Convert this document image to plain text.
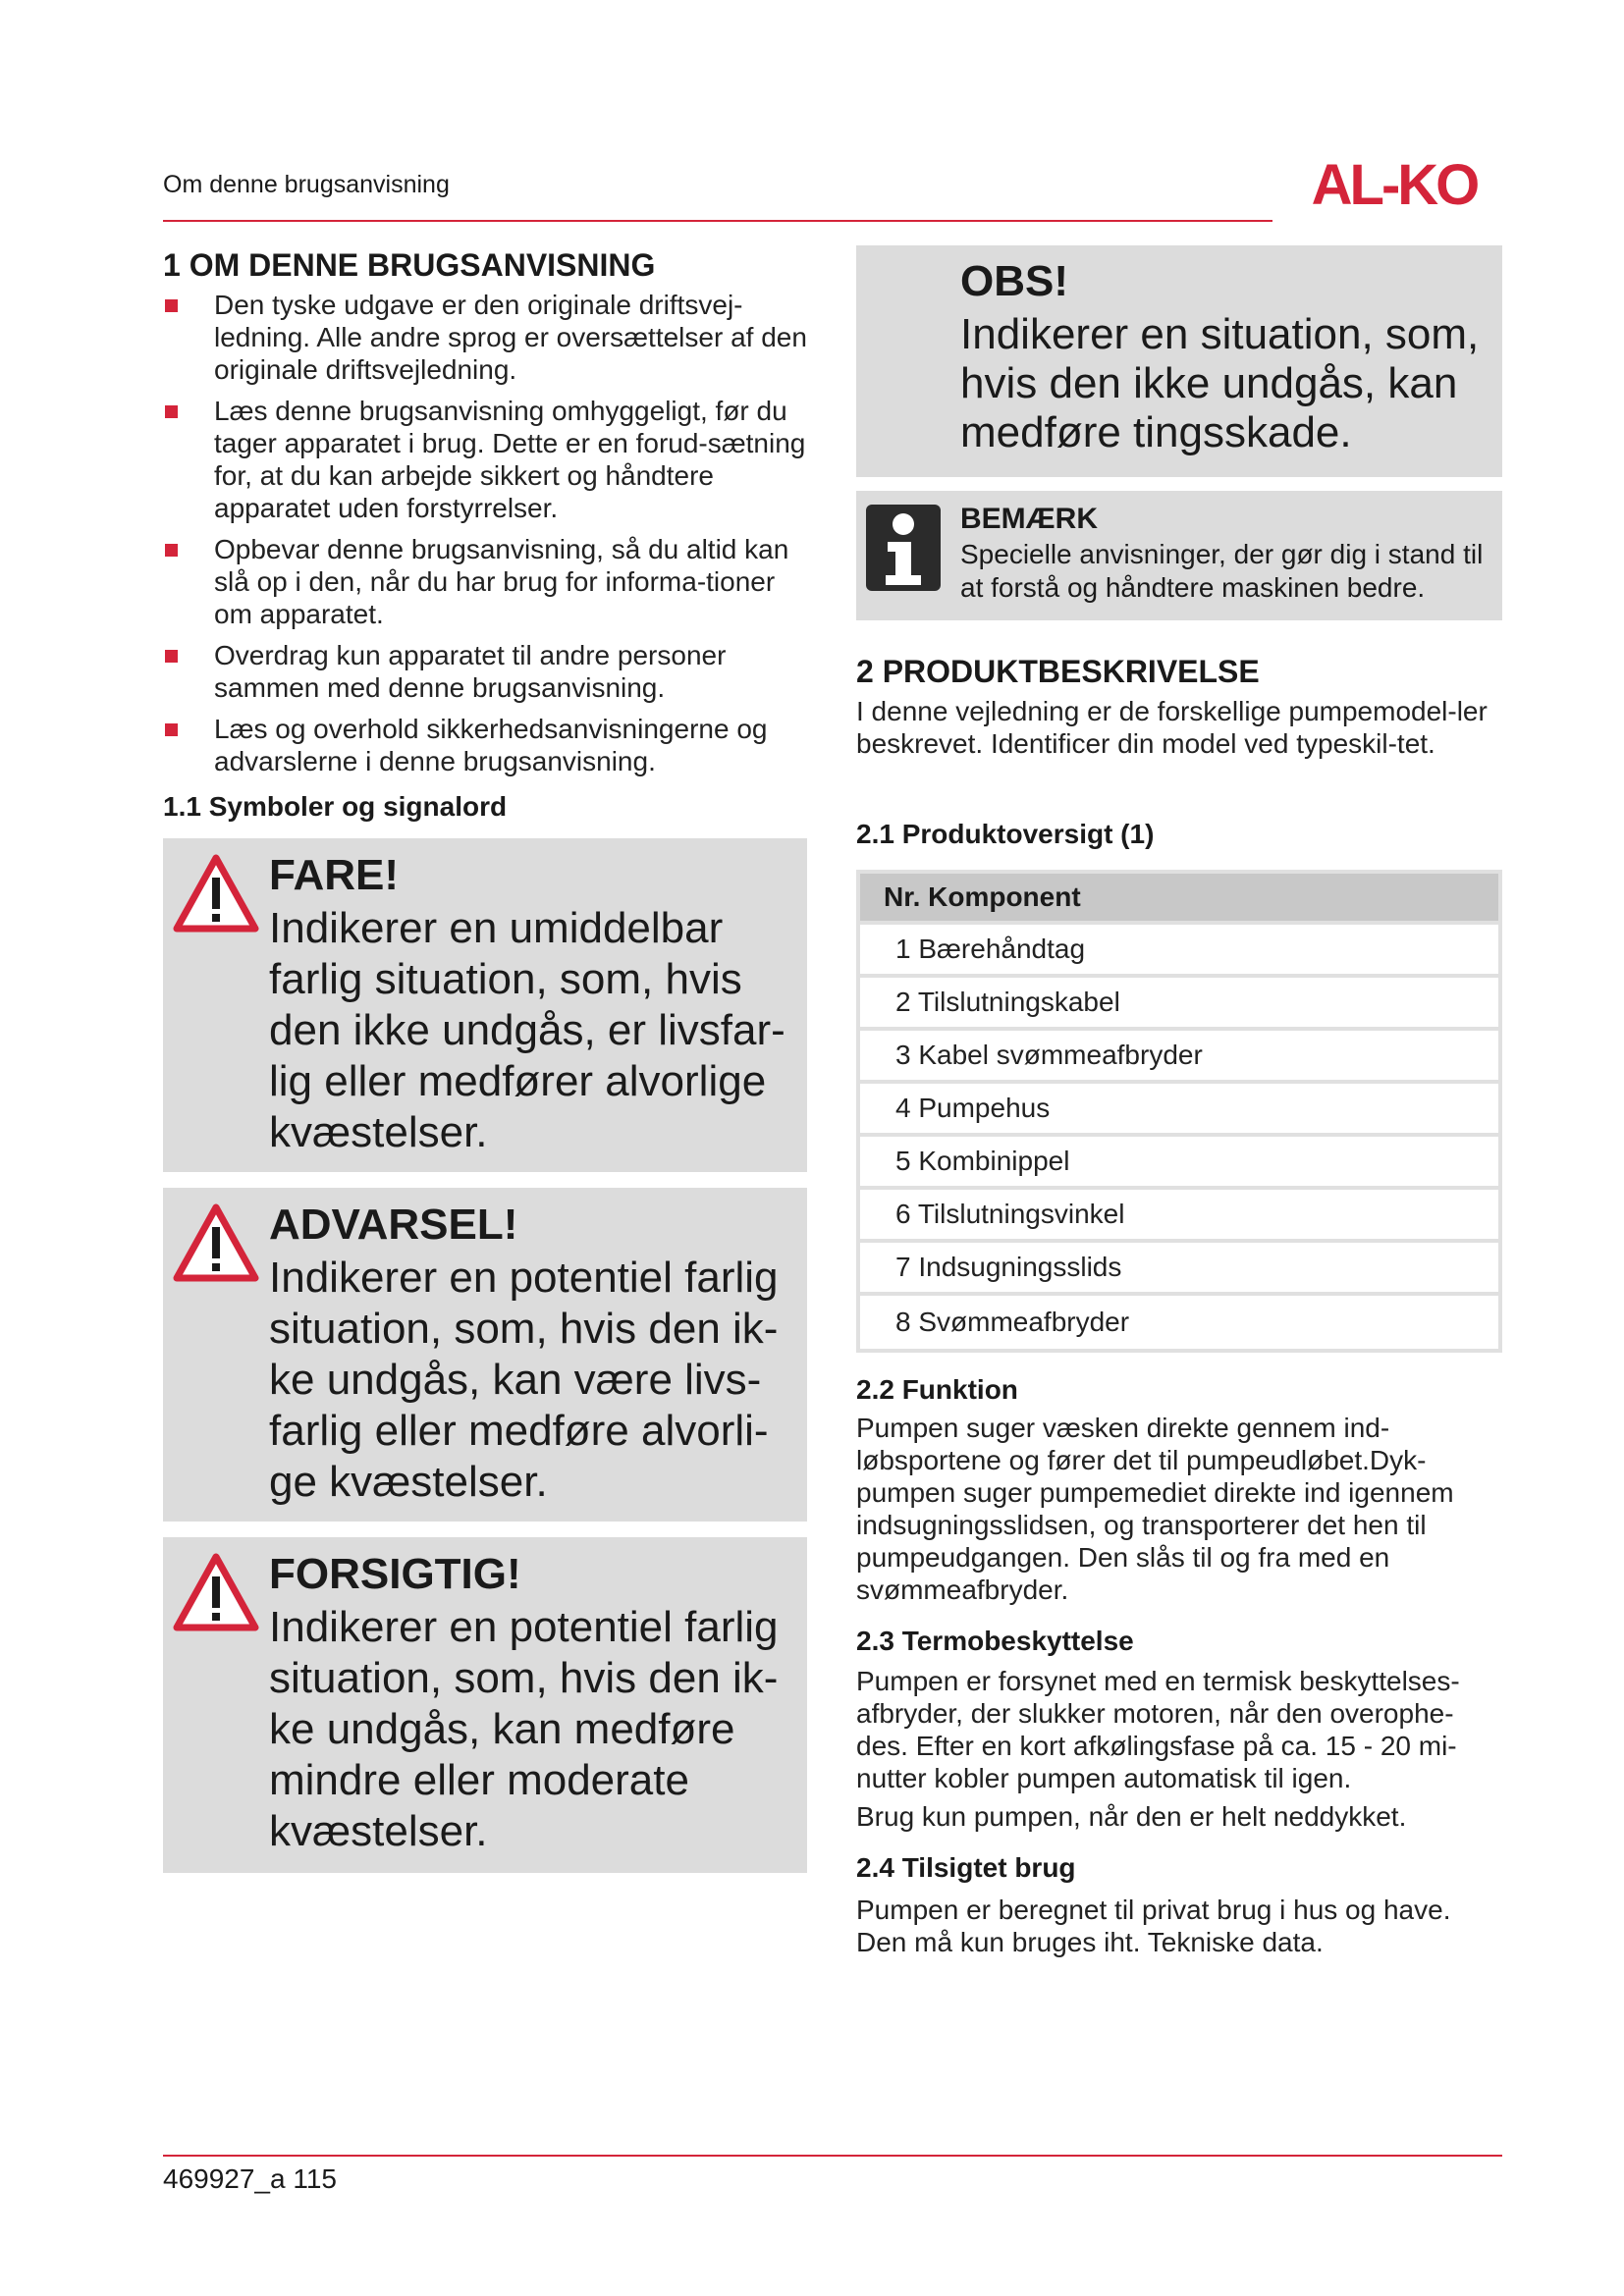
Om denne brugsanvisning	AL-KO
1 OM DENNE BRUGSANVISNING
Den tyske udgave er den originale driftsvej-ledning. Alle andre sprog er oversættelser af den originale driftsvejledning.
Læs denne brugsanvisning omhyggeligt, før du tager apparatet i brug. Dette er en forud-sætning for, at du kan arbejde sikkert og håndtere apparatet uden forstyrrelser.
Opbevar denne brugsanvisning, så du altid kan slå op i den, når du har brug for informa-tioner om apparatet.
Overdrag kun apparatet til andre personer sammen med denne brugsanvisning.
Læs og overhold sikkerhedsanvisningerne og advarslerne i denne brugsanvisning.
1.1 Symboler og signalord
FARE!
Indikerer en umiddelbar farlig situation, som, hvis den ikke undgås, er livsfar-lig eller medfører alvorlige kvæstelser.
ADVARSEL!
Indikerer en potentiel farlig situation, som, hvis den ik-ke undgås, kan være livs-farlig eller medføre alvorli-ge kvæstelser.
FORSIGTIG!
Indikerer en potentiel farlig situation, som, hvis den ik-ke undgås, kan medføre mindre eller moderate kvæstelser.
OBS!
Indikerer en situation, som, hvis den ikke undgås, kan medføre tingsskade.
BEMÆRK
Specielle anvisninger, der gør dig i stand til at forstå og håndtere maskinen bedre.
2 PRODUKTBESKRIVELSE
I denne vejledning er de forskellige pumpemodel-ler beskrevet. Identificer din model ved typeskil-tet.
2.1 Produktoversigt (1)
Nr. Komponent
1 Bærehåndtag
2 Tilslutningskabel
3 Kabel svømmeafbryder
4 Pumpehus
5 Kombinippel
6 Tilslutningsvinkel
7 Indsugningsslids
8 Svømmeafbryder
2.2 Funktion
Pumpen suger væsken direkte gennem ind-løbsportene og fører det til pumpeudløbet.Dyk-pumpen suger pumpemediet direkte ind igennem indsugningsslidsen, og transporterer det hen til pumpeudgangen. Den slås til og fra med en svømmeafbryder.
2.3 Termobeskyttelse
Pumpen er forsynet med en termisk beskyttelses-afbryder, der slukker motoren, når den overophe-des. Efter en kort afkølingsfase på ca. 15 - 20 mi-nutter kobler pumpen automatisk til igen.
Brug kun pumpen, når den er helt neddykket.
2.4 Tilsigtet brug
Pumpen er beregnet til privat brug i hus og have. Den må kun bruges iht. Tekniske data.
469927_a 115
